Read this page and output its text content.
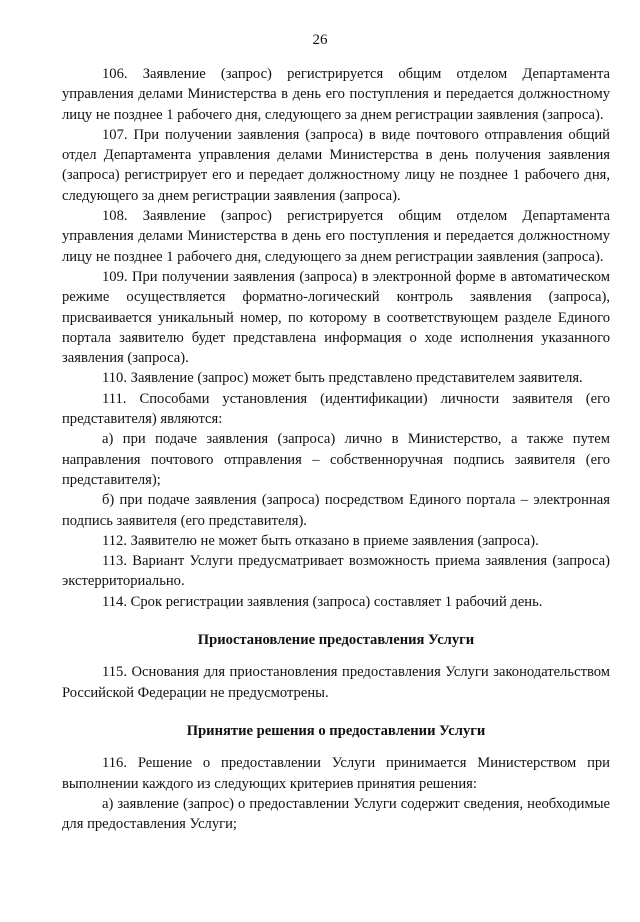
26

106. Заявление (запрос) регистрируется общим отделом Департамента управления делами Министерства в день его поступления и передается должностному лицу не позднее 1 рабочего дня, следующего за днем регистрации заявления (запроса).

107. При получении заявления (запроса) в виде почтового отправления общий отдел Департамента управления делами Министерства в день получения заявления (запроса) регистрирует его и передает должностному лицу не позднее 1 рабочего дня, следующего за днем регистрации заявления (запроса).

108. Заявление (запрос) регистрируется общим отделом Департамента управления делами Министерства в день его поступления и передается должностному лицу не позднее 1 рабочего дня, следующего за днем регистрации заявления (запроса).

109. При получении заявления (запроса) в электронной форме в автоматическом режиме осуществляется форматно-логический контроль заявления (запроса), присваивается уникальный номер, по которому в соответствующем разделе Единого портала заявителю будет представлена информация о ходе исполнения указанного заявления (запроса).

110. Заявление (запрос) может быть представлено представителем заявителя.

111. Способами установления (идентификации) личности заявителя (его представителя) являются:

а) при подаче заявления (запроса) лично в Министерство, а также путем направления почтового отправления – собственноручная подпись заявителя (его представителя);

б) при подаче заявления (запроса) посредством Единого портала – электронная подпись заявителя (его представителя).

112. Заявителю не может быть отказано в приеме заявления (запроса).

113. Вариант Услуги предусматривает возможность приема заявления (запроса) экстерриториально.

114. Срок регистрации заявления (запроса) составляет 1 рабочий день.

Приостановление предоставления Услуги

115. Основания для приостановления предоставления Услуги законодательством Российской Федерации не предусмотрены.

Принятие решения о предоставлении Услуги

116. Решение о предоставлении Услуги принимается Министерством при выполнении каждого из следующих критериев принятия решения:

а) заявление (запрос) о предоставлении Услуги содержит сведения, необходимые для предоставления Услуги;
